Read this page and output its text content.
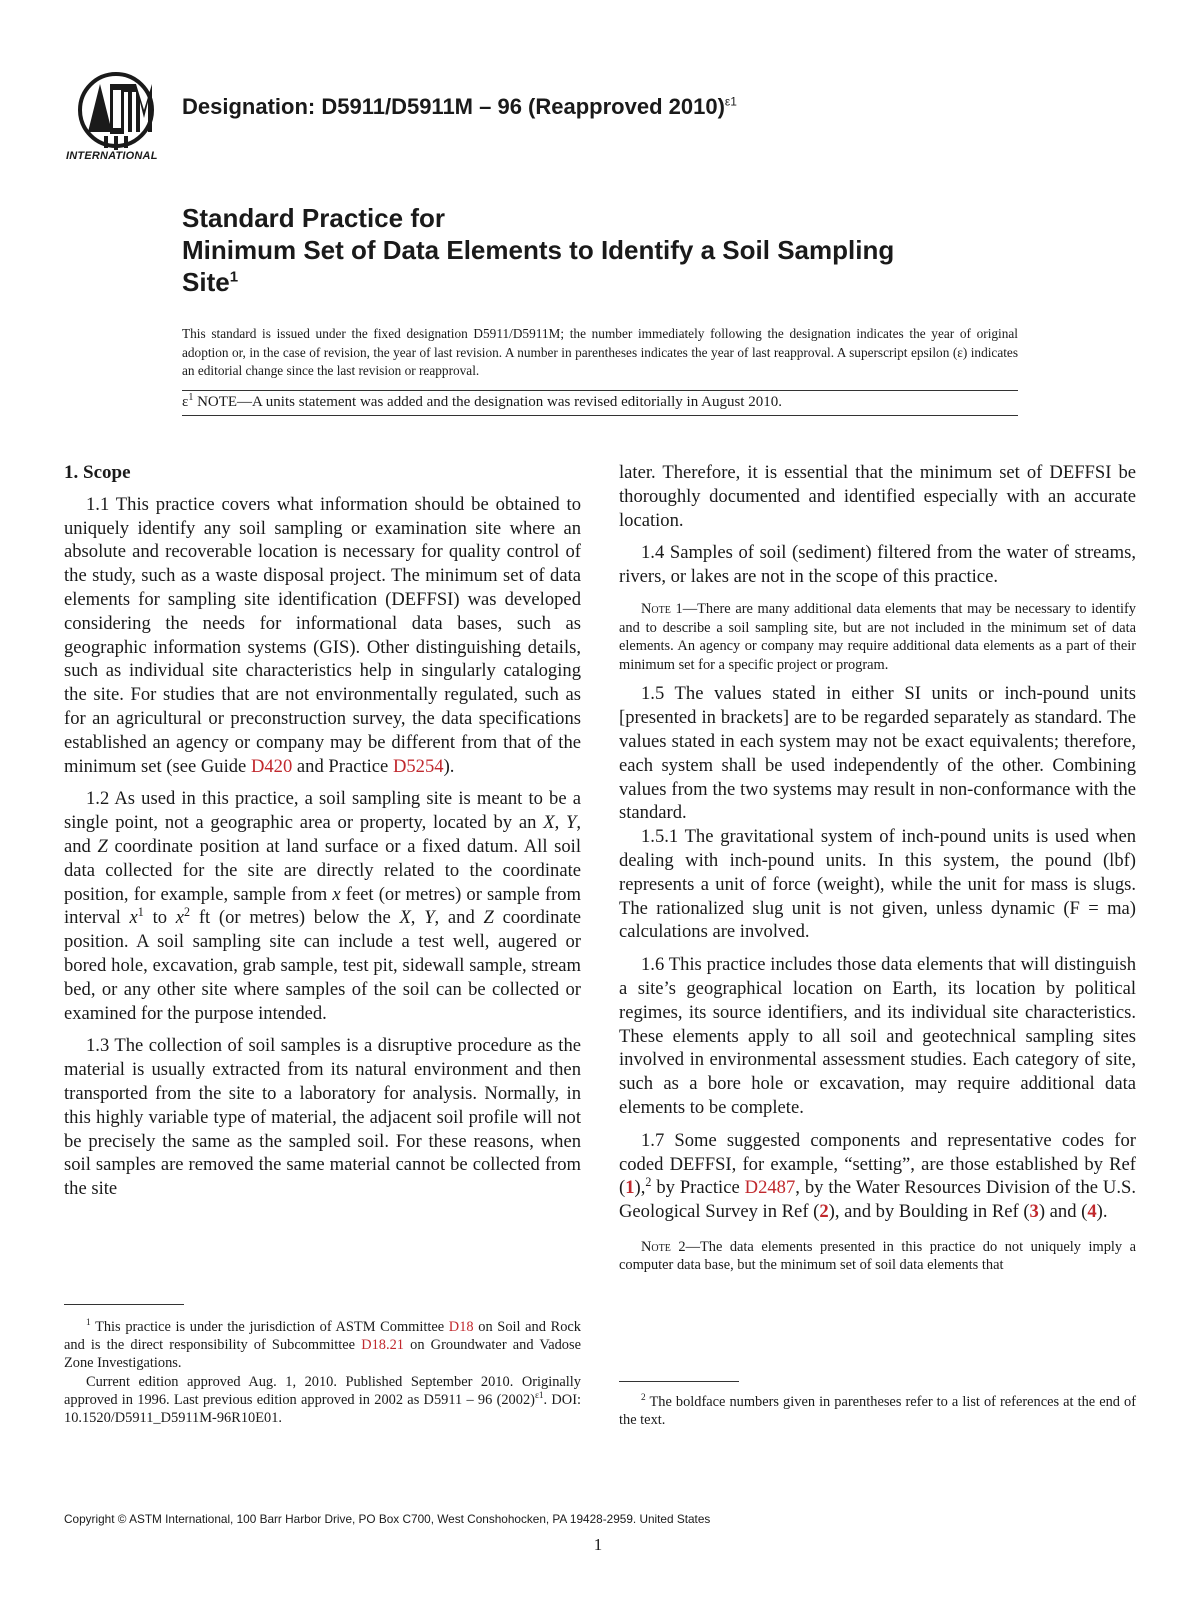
INTERNATIONAL
Designation: D5911/D5911M – 96 (Reapproved 2010)$^{\varepsilon 1}$
Standard Practice for
Minimum Set of Data Elements to Identify a Soil Sampling
Site$^1$
This standard is issued under the fixed designation D5911/D5911M; the number immediately following the designation indicates the year of original adoption or, in the case of revision, the year of last revision. A number in parentheses indicates the year of last reapproval. A superscript epsilon (ε) indicates an editorial change since the last revision or reapproval.
$\varepsilon^1$ NOTE—A units statement was added and the designation was revised editorially in August 2010.
1. Scope

1.1 This practice covers what information should be obtained to uniquely identify any soil sampling or examination site where an absolute and recoverable location is necessary for quality control of the study, such as a waste disposal project. The minimum set of data elements for sampling site identification (DEFFSI) was developed considering the needs for informational data bases, such as geographic information systems (GIS). Other distinguishing details, such as individual site characteristics help in singularly cataloging the site. For studies that are not environmentally regulated, such as for an agricultural or preconstruction survey, the data specifications established an agency or company may be different from that of the minimum set (see Guide D420 and Practice D5254).

1.2 As used in this practice, a soil sampling site is meant to be a single point, not a geographic area or property, located by an X, Y, and Z coordinate position at land surface or a fixed datum. All soil data collected for the site are directly related to the coordinate position, for example, sample from x feet (or metres) or sample from interval $x^1$ to $x^2$ ft (or metres) below the X, Y, and Z coordinate position. A soil sampling site can include a test well, augered or bored hole, excavation, grab sample, test pit, sidewall sample, stream bed, or any other site where samples of the soil can be collected or examined for the purpose intended.

1.3 The collection of soil samples is a disruptive procedure as the material is usually extracted from its natural environment and then transported from the site to a laboratory for analysis. Normally, in this highly variable type of material, the adjacent soil profile will not be precisely the same as the sampled soil. For these reasons, when soil samples are removed the same material cannot be collected from the site

$^1$ This practice is under the jurisdiction of ASTM Committee D18 on Soil and Rock and is the direct responsibility of Subcommittee D18.21 on Groundwater and Vadose Zone Investigations.

Current edition approved Aug. 1, 2010. Published September 2010. Originally approved in 1996. Last previous edition approved in 2002 as D5911 – 96 $(2002)^{\varepsilon 1}$. DOI: 10.1520/D5911_D5911M-96R10E01.

later. Therefore, it is essential that the minimum set of DEFFSI be thoroughly documented and identified especially with an accurate location.

1.4 Samples of soil (sediment) filtered from the water of streams, rivers, or lakes are not in the scope of this practice.

Note 1—There are many additional data elements that may be necessary to identify and to describe a soil sampling site, but are not included in the minimum set of data elements. An agency or company may require additional data elements as a part of their minimum set for a specific project or program.

1.5 The values stated in either SI units or inch-pound units [presented in brackets] are to be regarded separately as standard. The values stated in each system may not be exact equivalents; therefore, each system shall be used independently of the other. Combining values from the two systems may result in non-conformance with the standard.

1.5.1 The gravitational system of inch-pound units is used when dealing with inch-pound units. In this system, the pound (lbf) represents a unit of force (weight), while the unit for mass is slugs. The rationalized slug unit is not given, unless dynamic (F = ma) calculations are involved.

1.6 This practice includes those data elements that will distinguish a site’s geographical location on Earth, its location by political regimes, its source identifiers, and its individual site characteristics. These elements apply to all soil and geotechnical sampling sites involved in environmental assessment studies. Each category of site, such as a bore hole or excavation, may require additional data elements to be complete.

1.7 Some suggested components and representative codes for coded DEFFSI, for example, “setting”, are those established by Ref (1),$^2$ by Practice D2487, by the Water Resources Division of the U.S. Geological Survey in Ref (2), and by Boulding in Ref (3) and (4).

Note 2—The data elements presented in this practice do not uniquely imply a computer data base, but the minimum set of soil data elements that

$^2$ The boldface numbers given in parentheses refer to a list of references at the end of the text.

Copyright © ASTM International, 100 Barr Harbor Drive, PO Box C700, West Conshohocken, PA 19428-2959. United States
1
